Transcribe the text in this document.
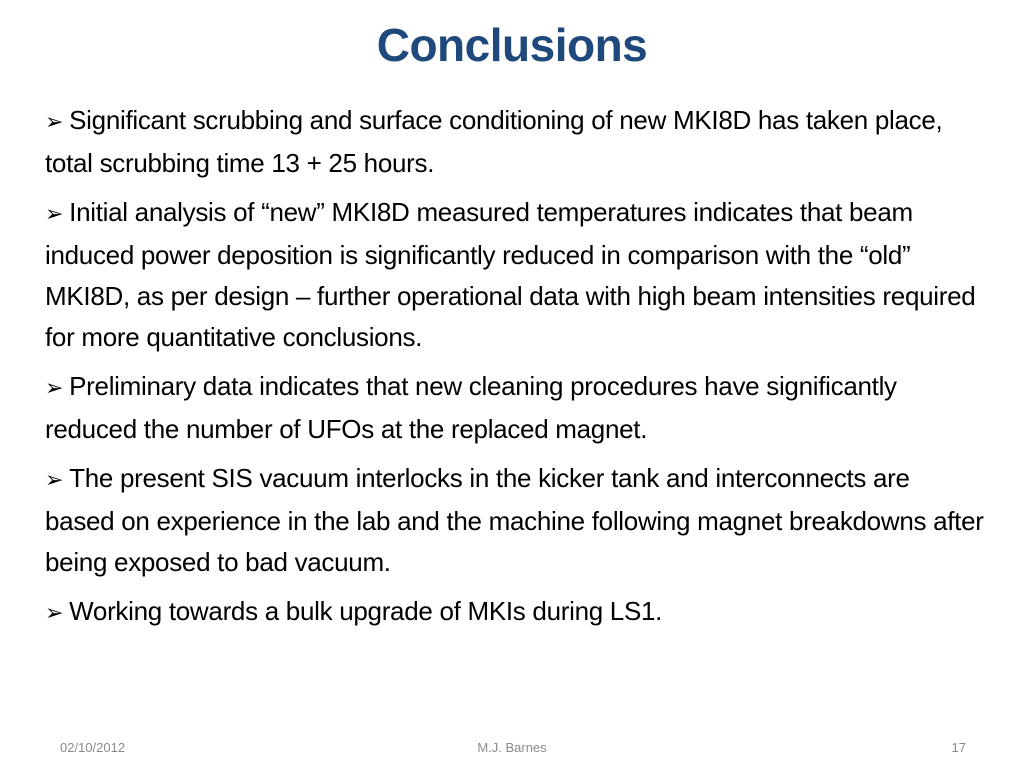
Conclusions
➢ Significant scrubbing and surface conditioning of new MKI8D has taken place, total scrubbing time 13 + 25 hours.
➢ Initial analysis of “new” MKI8D measured temperatures indicates that beam induced power deposition is significantly reduced in comparison with the “old” MKI8D, as per design – further operational data with high beam intensities required for more quantitative conclusions.
➢ Preliminary data indicates that new cleaning procedures have significantly reduced the number of UFOs at the replaced magnet.
➢ The present SIS vacuum interlocks in the kicker tank and interconnects are based on experience in the lab and the machine following magnet breakdowns after being exposed to bad vacuum.
➢ Working towards a bulk upgrade of MKIs during LS1.
02/10/2012	M.J. Barnes	17
